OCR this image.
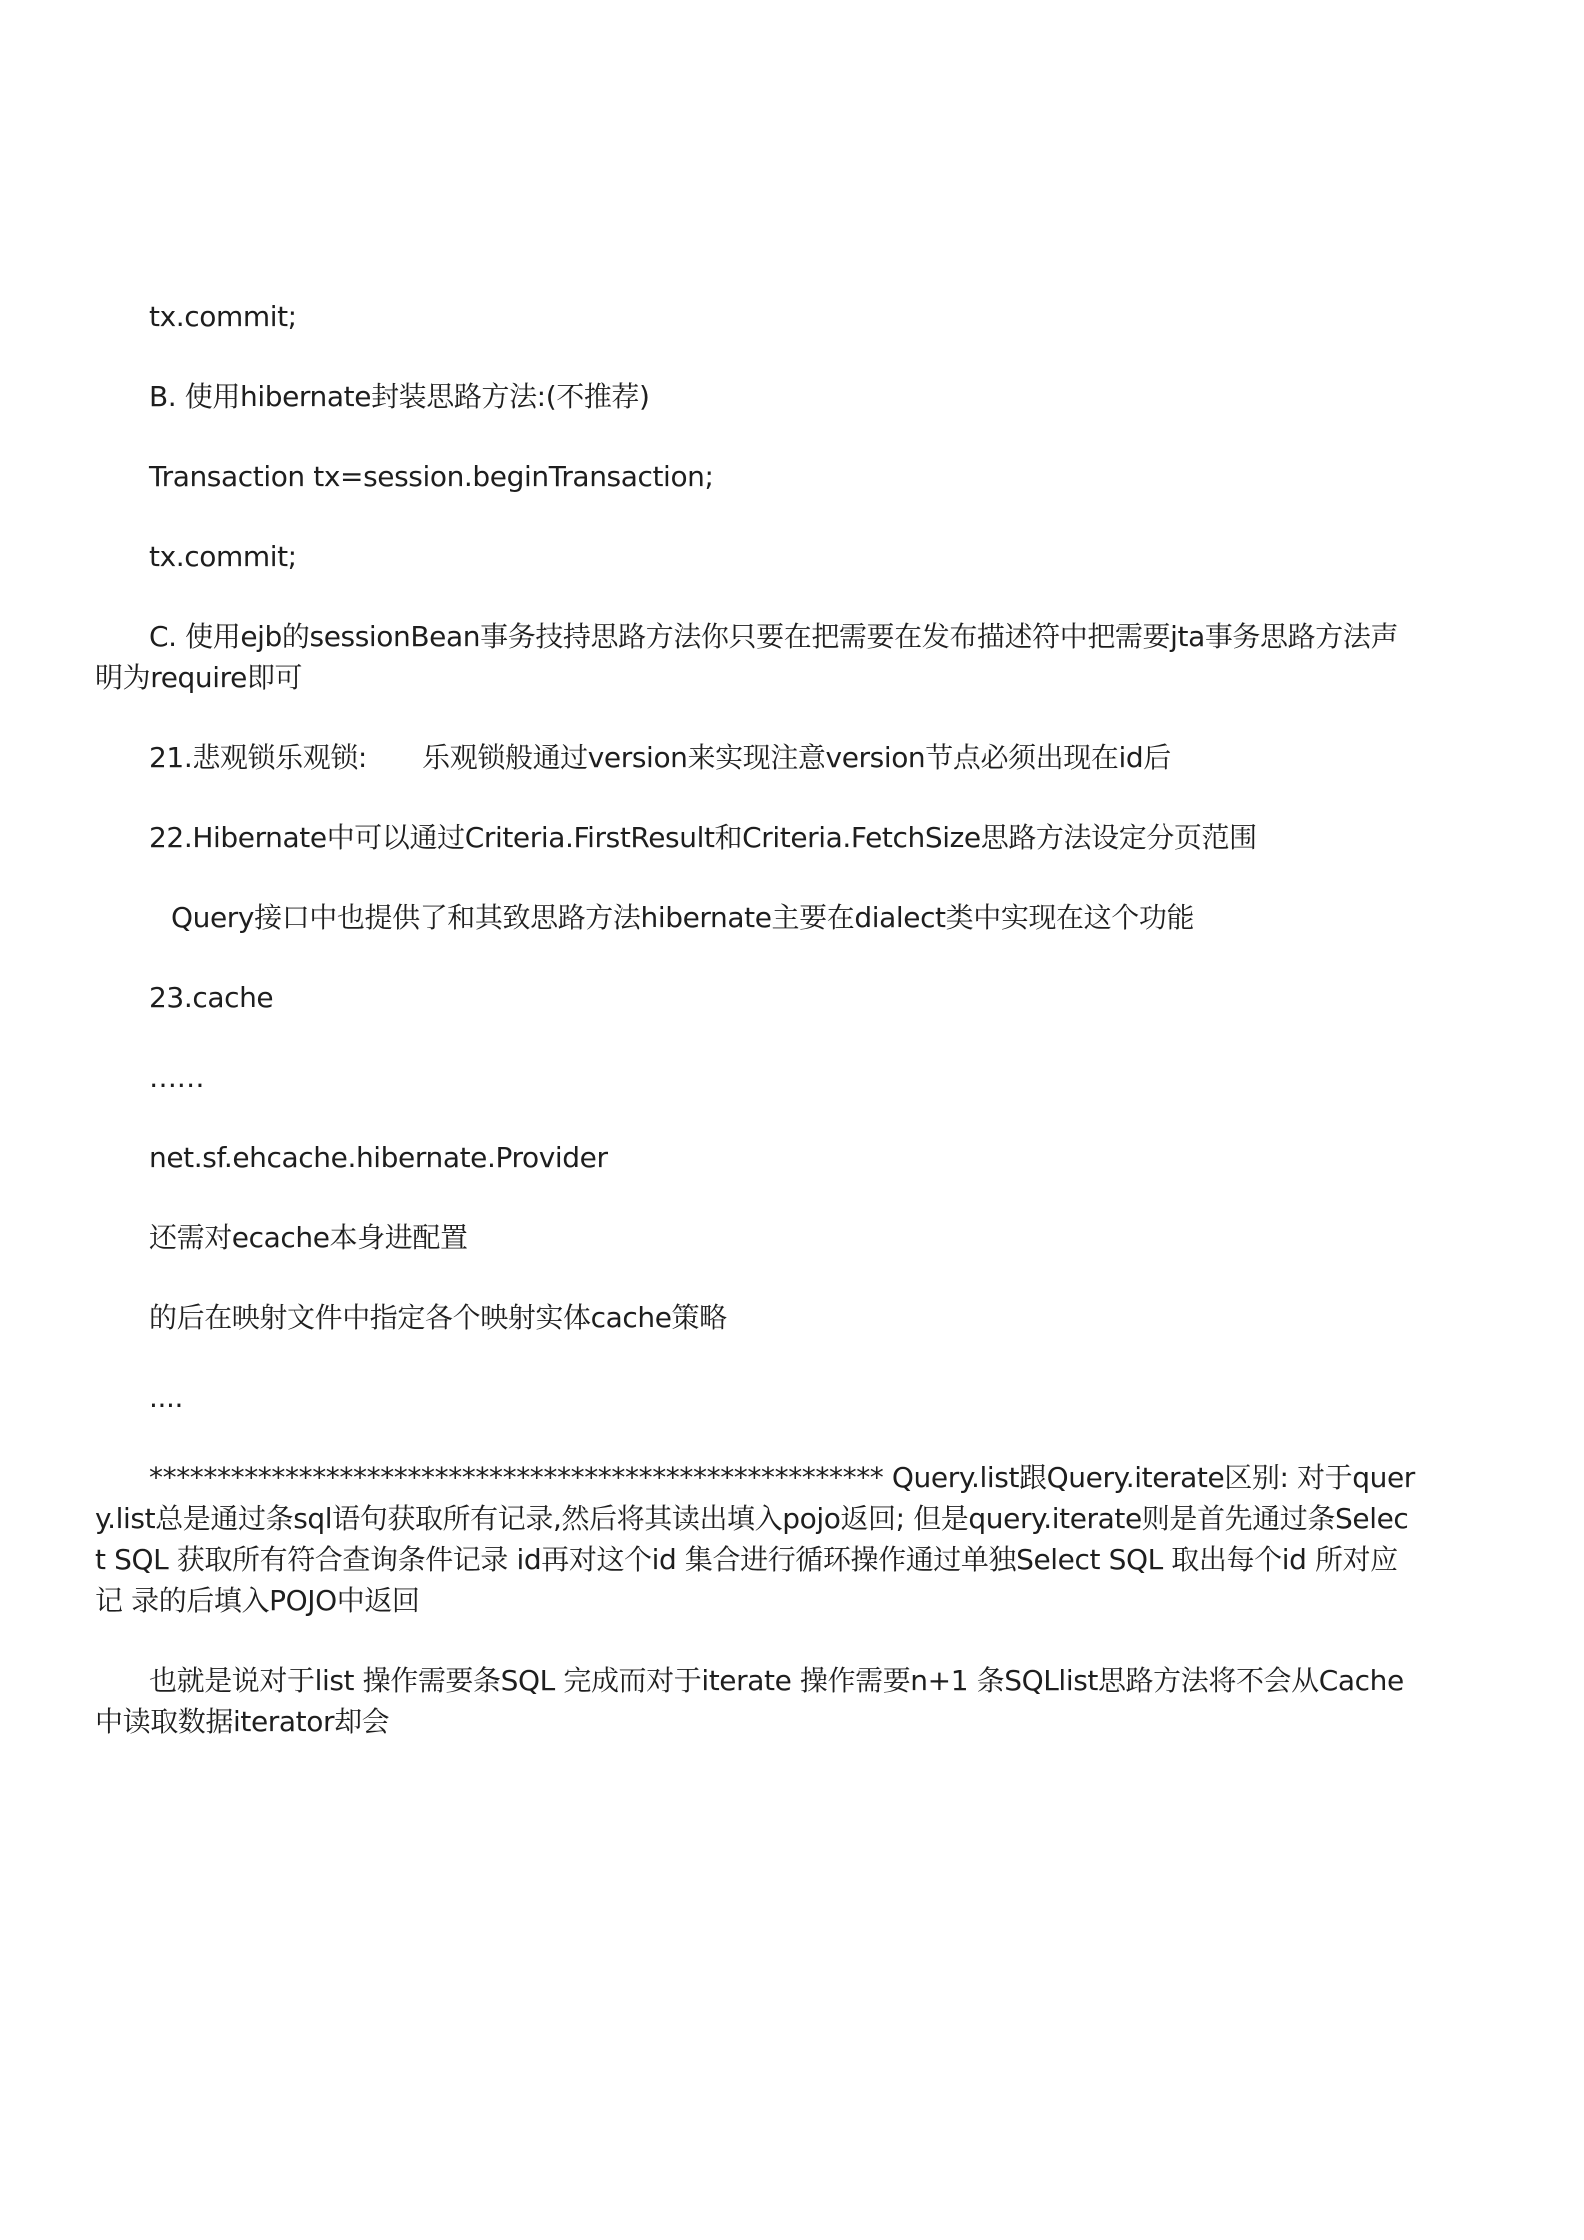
tx.commit;

B. 使用hibernate封装思路方法:(不推荐)

Transaction tx=session.beginTransaction;

tx.commit;

C. 使用ejb的sessionBean事务技持思路方法你只要在把需要在发布描述符中把需要jta事务思路方法声明为require即可

21.悲观锁乐观锁:　　乐观锁般通过version来实现注意version节点必须出现在id后

22.Hibernate中可以通过Criteria.FirstResult和Criteria.FetchSize思路方法设定分页范围

Query接口中也提供了和其致思路方法hibernate主要在dialect类中实现在这个功能

23.cache

……

net.sf.ehcache.hibernate.Provider

还需对ecache本身进配置

的后在映射文件中指定各个映射实体cache策略

....

****************************************************** Query.list跟Query.iterate区别: 对于query.list总是通过条sql语句获取所有记录,然后将其读出填入pojo返回; 但是query.iterate则是首先通过条Select SQL 获取所有符合查询条件记录 id再对这个id 集合进行循环操作通过单独Select SQL 取出每个id 所对应记 录的后填入POJO中返回

也就是说对于list 操作需要条SQL 完成而对于iterate 操作需要n+1 条SQLlist思路方法将不会从Cache中读取数据iterator却会
